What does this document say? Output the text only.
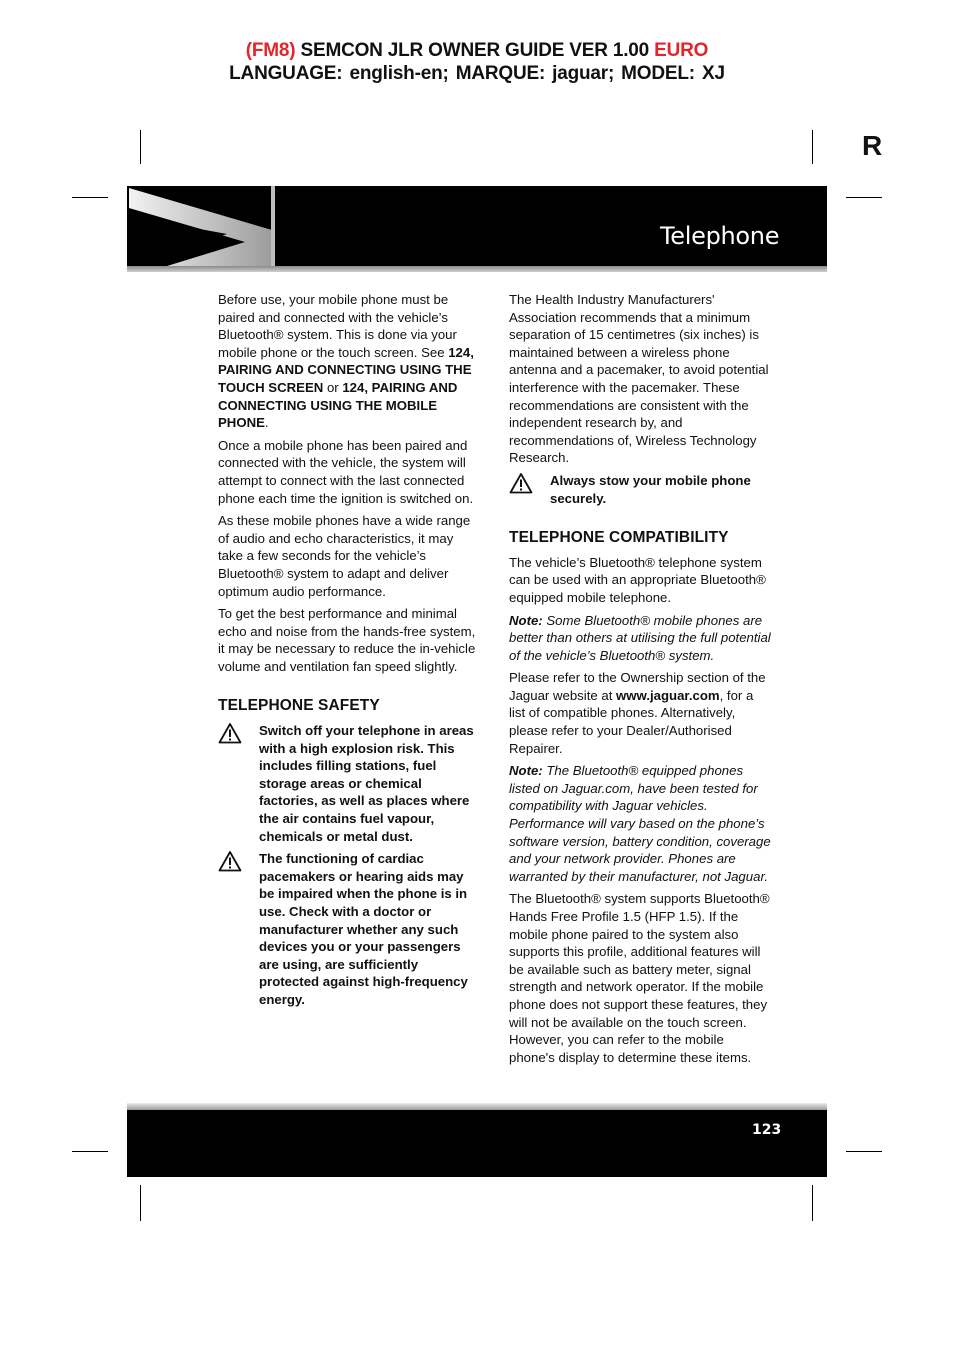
(FM8) SEMCON JLR OWNER GUIDE VER 1.00 EURO
LANGUAGE: english-en; MARQUE: jaguar; MODEL: XJ
R
Telephone

Before use, your mobile phone must be paired and connected with the vehicle’s Bluetooth® system. This is done via your mobile phone or the touch screen. See 124, PAIRING AND CONNECTING USING THE TOUCH SCREEN or 124, PAIRING AND CONNECTING USING THE MOBILE PHONE.

Once a mobile phone has been paired and connected with the vehicle, the system will attempt to connect with the last connected phone each time the ignition is switched on.

As these mobile phones have a wide range of audio and echo characteristics, it may take a few seconds for the vehicle’s Bluetooth® system to adapt and deliver optimum audio performance.

To get the best performance and minimal echo and noise from the hands-free system, it may be necessary to reduce the in-vehicle volume and ventilation fan speed slightly.

TELEPHONE SAFETY
Switch off your telephone in areas with a high explosion risk. This includes filling stations, fuel storage areas or chemical factories, as well as places where the air contains fuel vapour, chemicals or metal dust.
The functioning of cardiac pacemakers or hearing aids may be impaired when the phone is in use. Check with a doctor or manufacturer whether any such devices you or your passengers are using, are sufficiently protected against high-frequency energy.

The Health Industry Manufacturers' Association recommends that a minimum separation of 15 centimetres (six inches) is maintained between a wireless phone antenna and a pacemaker, to avoid potential interference with the pacemaker. These recommendations are consistent with the independent research by, and recommendations of, Wireless Technology Research.

Always stow your mobile phone securely.
TELEPHONE COMPATIBILITY

The vehicle’s Bluetooth® telephone system can be used with an appropriate Bluetooth® equipped mobile telephone.

Note: Some Bluetooth® mobile phones are better than others at utilising the full potential of the vehicle’s Bluetooth® system.

Please refer to the Ownership section of the Jaguar website at www.jaguar.com, for a list of compatible phones. Alternatively, please refer to your Dealer/Authorised Repairer.

Note: The Bluetooth® equipped phones listed on Jaguar.com, have been tested for compatibility with Jaguar vehicles. Performance will vary based on the phone’s software version, battery condition, coverage and your network provider. Phones are warranted by their manufacturer, not Jaguar.

The Bluetooth® system supports Bluetooth® Hands Free Profile 1.5 (HFP 1.5). If the mobile phone paired to the system also supports this profile, additional features will be available such as battery meter, signal strength and network operator. If the mobile phone does not support these features, they will not be available on the touch screen. However, you can refer to the mobile phone's display to determine these items.

123
